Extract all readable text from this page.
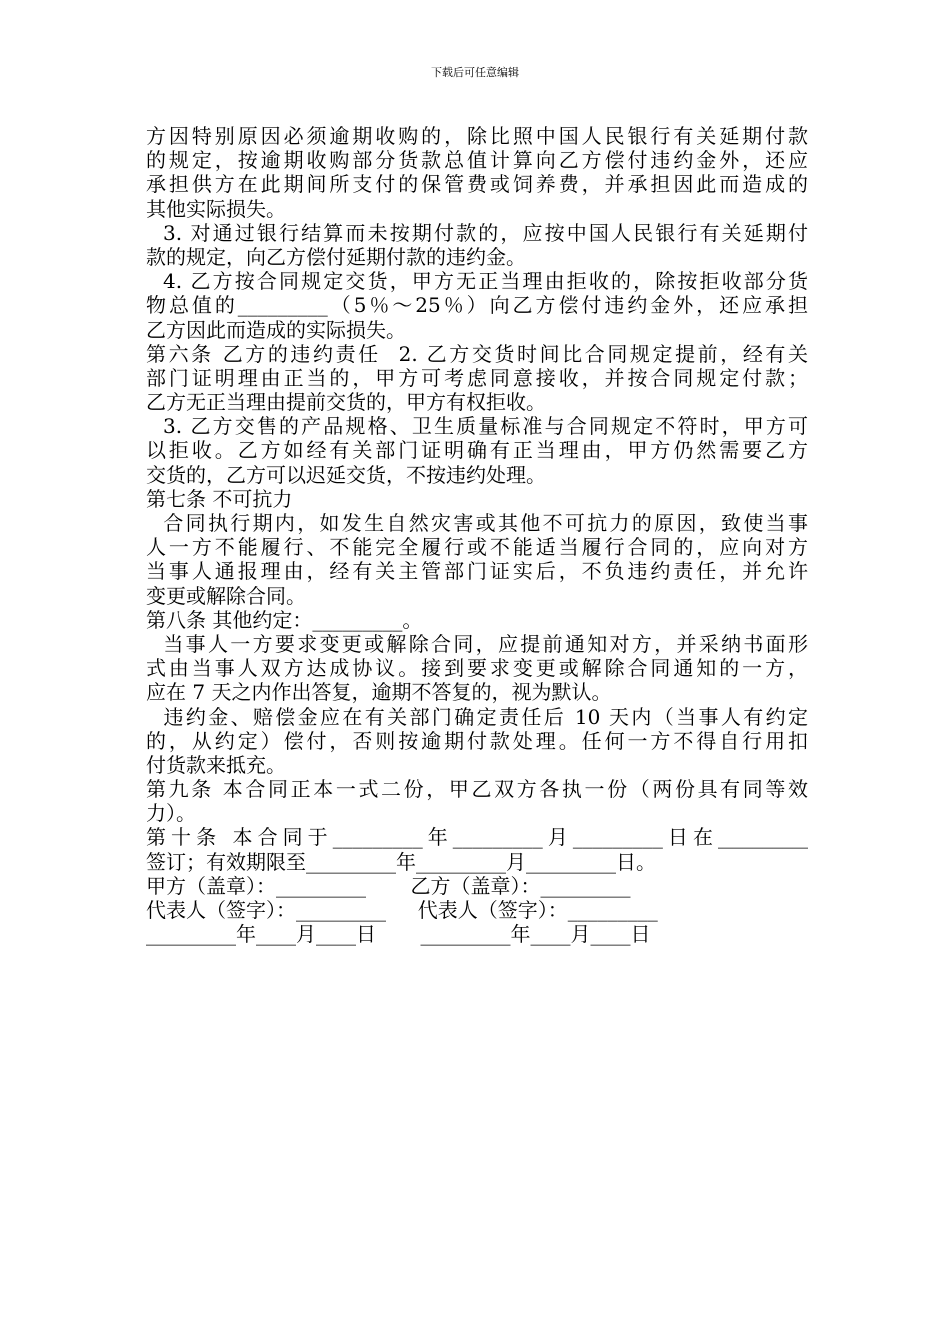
下载后可任意编辑
方因特别原因必须逾期收购的，除比照中国人民银行有关延期付款
的规定，按逾期收购部分货款总值计算向乙方偿付违约金外，还应
承担供方在此期间所支付的保管费或饲养费，并承担因此而造成的
其他实际损失。
3. 对通过银行结算而未按期付款的，应按中国人民银行有关延期付
款的规定，向乙方偿付延期付款的违约金。
4. 乙方按合同规定交货，甲方无正当理由拒收的，除按拒收部分货
物总值的_________（5％～25％）向乙方偿付违约金外，还应承担
乙方因此而造成的实际损失。
第六条 乙方的违约责任  2. 乙方交货时间比合同规定提前，经有关
部门证明理由正当的，甲方可考虑同意接收，并按合同规定付款；
乙方无正当理由提前交货的，甲方有权拒收。
3. 乙方交售的产品规格、卫生质量标准与合同规定不符时，甲方可
以拒收。乙方如经有关部门证明确有正当理由，甲方仍然需要乙方
交货的，乙方可以迟延交货，不按违约处理。
第七条 不可抗力
合同执行期内，如发生自然灾害或其他不可抗力的原因，致使当事
人一方不能履行、不能完全履行或不能适当履行合同的，应向对方
当事人通报理由，经有关主管部门证实后，不负违约责任，并允许
变更或解除合同。
第八条 其他约定：_________。
当事人一方要求变更或解除合同，应提前通知对方，并采纳书面形
式由当事人双方达成协议。接到要求变更或解除合同通知的一方，
应在 7 天之内作出答复，逾期不答复的，视为默认。
违约金、赔偿金应在有关部门确定责任后 10 天内（当事人有约定
的，从约定）偿付，否则按逾期付款处理。任何一方不得自行用扣
付货款来抵充。
第九条 本合同正本一式二份，甲乙双方各执一份（两份具有同等效
力）。
第十条 本合同于_________年_________月_________日在_________
签订；有效期限至_________年_________月_________日。
甲方（盖章）：_________       乙方（盖章）：_________
代表人（签字）：_________     代表人（签字）：_________
_________年____月____日       _________年____月____日
